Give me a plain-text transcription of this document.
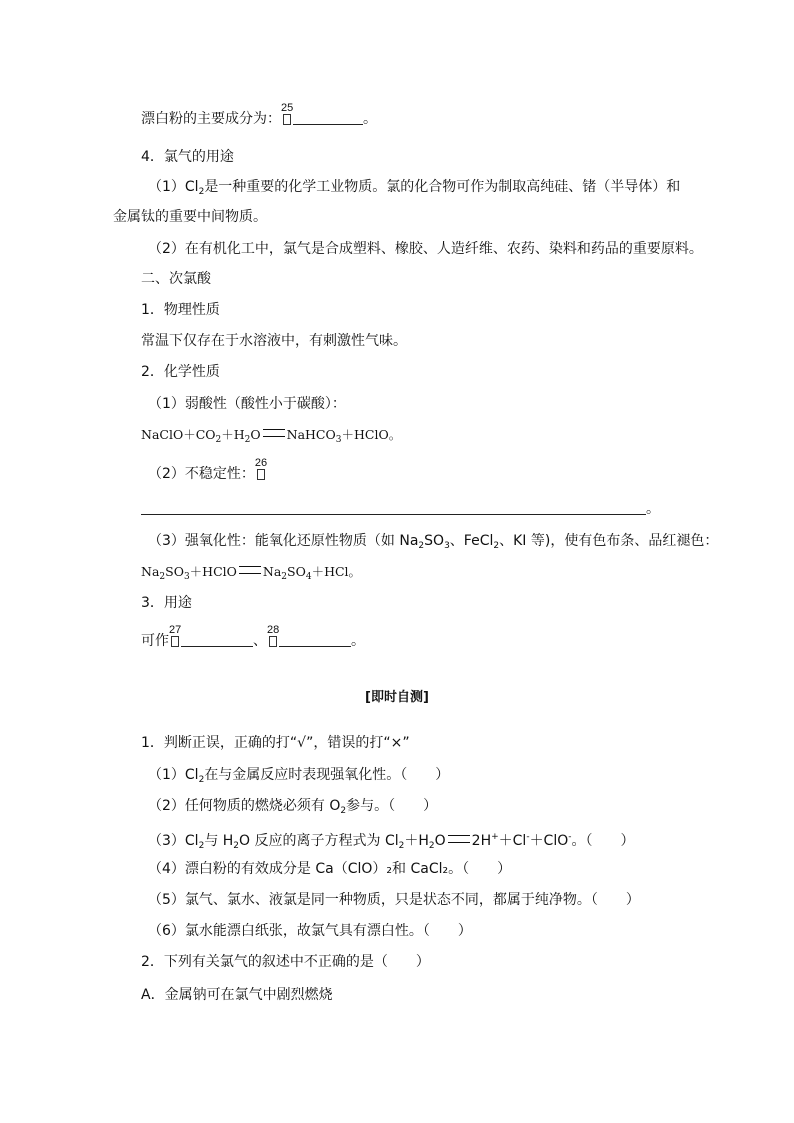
漂白粉的主要成分为：
25
。
4．氯气的用途
$(1)Cl_2$是一种重要的化学工业物质。氯的化合物可作为制取高纯硅、锗（半导体）和
金属钛的重要中间物质。
（2）在有机化工中，氯气是合成塑料、橡胶、人造纤维、农药、染料和药品的重要原料。
二、次氯酸
1．物理性质
常温下仅存在于水溶液中，有刺激性气味。
2．化学性质
（1）弱酸性（酸性小于碳酸）：
$NaClO+CO_2+H_2O$ NaHCO$_3$＋HClO。
（2）不稳定性：
26
。
（3）强氧化性：能氧化还原性物质（如 $Na_2SO_3$、FeCl$_2$、KI 等)，使有色布条、品红褪色：
$Na_2SO_3+HClO$ $Na_2SO_4+HCl$。
3．用途
可作
27
、
28
。
[即时自测]
1．判断正误，正确的打“√”，错误的打“×”
$(1)Cl_2$在与金属反应时表现强氧化性。（　　）
（2）任何物质的燃烧必须有 $O_2$参与。（　　）
$(3)Cl_2$与 $H_2O$ 反应的离子方程式为 $Cl_2+H_2O$ 2H+＋Cl-＋ClO-。（　　）
（4）漂白粉的有效成分是 Ca（ClO）₂和 CaCl₂。（　　）
（5）氯气、氯水、液氯是同一种物质，只是状态不同，都属于纯净物。（　　）
（6）氯水能漂白纸张，故氯气具有漂白性。（　　）
2．下列有关氯气的叙述中不正确的是（　　）
A．金属钠可在氯气中剧烈燃烧
